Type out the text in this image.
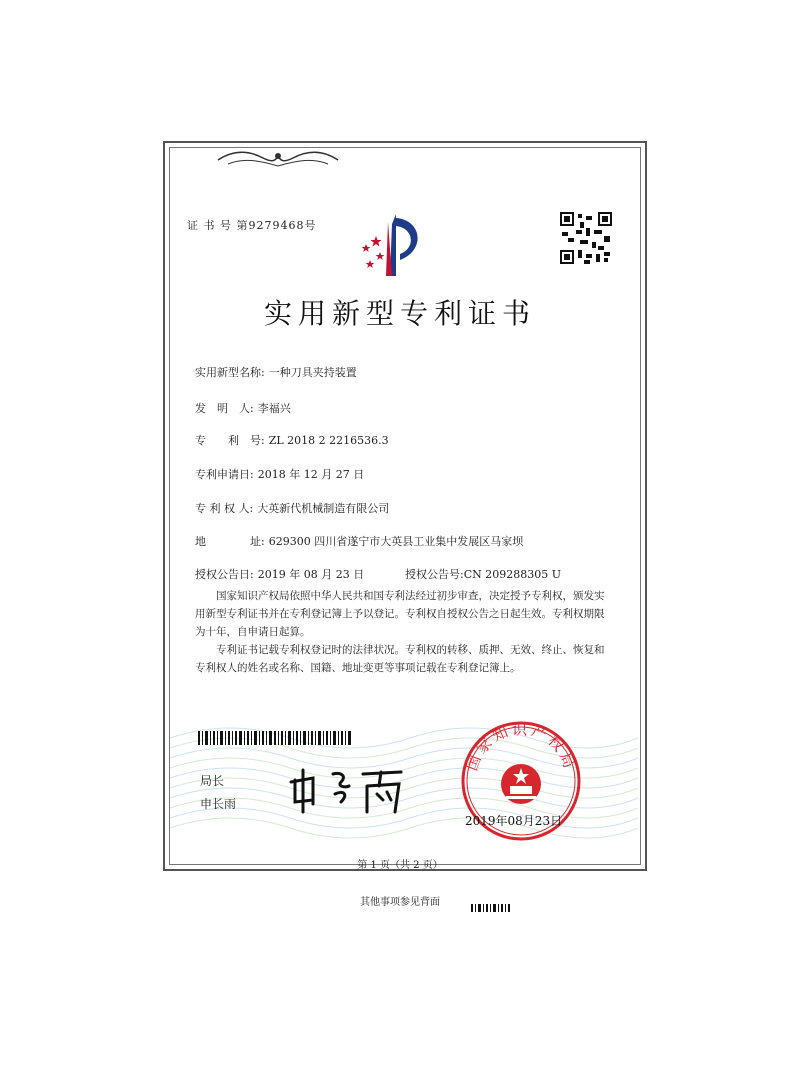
证 书 号 第9279468号
实用新型专利证书
实用新型名称: 一种刀具夹持装置
发　明　人: 李福兴
专　　利　号: ZL 2018 2 2216536.3
专利申请日: 2018 年 12 月 27 日
专 利 权 人: 大英新代机械制造有限公司
地　　　　址: 629300 四川省遂宁市大英县工业集中发展区马家坝
授权公告日: 2019 年 08 月 23 日	授权公告号:CN 209288305 U
国家知识产权局依照中华人民共和国专利法经过初步审查，决定授予专利权，颁发实用新型专利证书并在专利登记簿上予以登记。专利权自授权公告之日起生效。专利权期限为十年，自申请日起算。
专利证书记载专利权登记时的法律状况。专利权的转移、质押、无效、终止、恢复和专利权人的姓名或名称、国籍、地址变更等事项记载在专利登记簿上。
局长
申长雨
国家知识产权局
2019年08月23日
第 1 页（共 2 页）
其他事项参见背面
